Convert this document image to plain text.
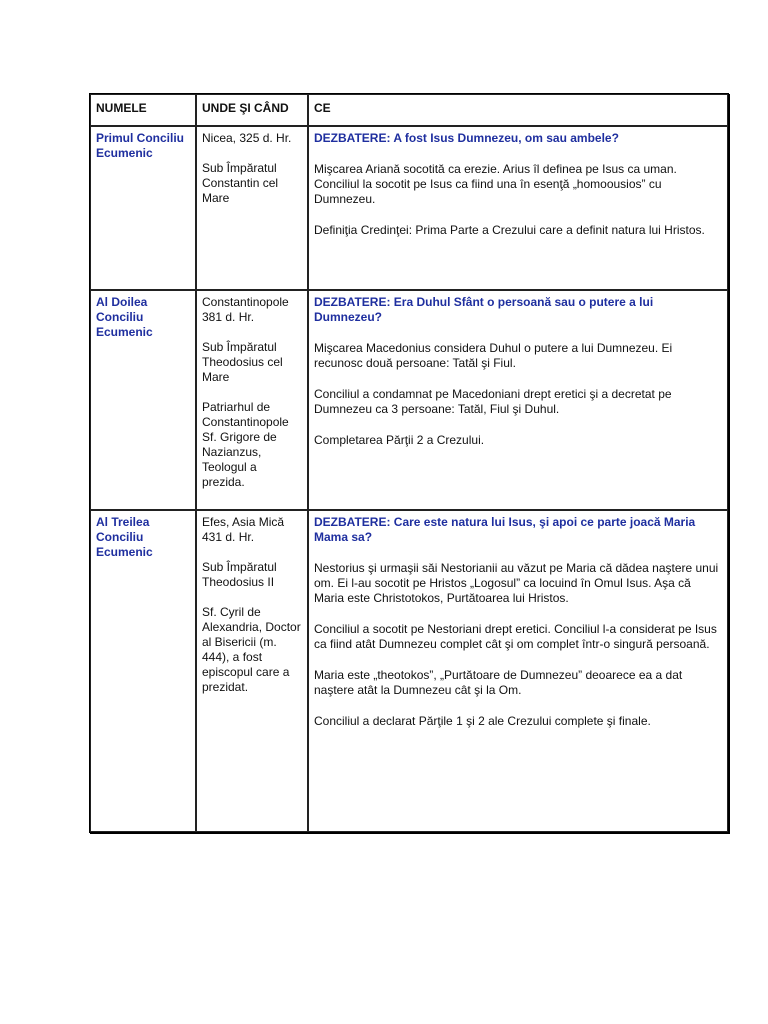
NUMELE	UNDE ŞI CÂND	CE
Primul Conciliu Ecumenic
Nicea, 325 d. Hr.
Sub Împăratul Constantin cel Mare
DEZBATERE: A fost Isus Dumnezeu, om sau ambele?

Mişcarea Ariană socotită ca erezie. Arius îl definea pe Isus ca uman. Conciliul la socotit pe Isus ca fiind una în esenţă „homoousios” cu Dumnezeu.

Definiţia Credinţei: Prima Parte a Crezului care a definit natura lui Hristos.

Al Doilea Conciliu Ecumenic
Constantinopole 381 d. Hr.
Sub Împăratul Theodosius cel Mare
Patriarhul de Constantinopole Sf. Grigore de Nazianzus, Teologul a prezida.
DEZBATERE: Era Duhul Sfânt o persoană sau o putere a lui Dumnezeu?

Mişcarea Macedonius considera Duhul o putere a lui Dumnezeu. Ei recunosc două persoane: Tatăl şi Fiul.

Conciliul a condamnat pe Macedoniani drept eretici şi a decretat pe Dumnezeu ca 3 persoane: Tatăl, Fiul şi Duhul.

Completarea Părţii 2 a Crezului.

Al Treilea Conciliu Ecumenic
Efes, Asia Mică 431 d. Hr.
Sub Împăratul Theodosius II
Sf. Cyril de Alexandria, Doctor al Bisericii (m. 444), a fost episcopul care a prezidat.
DEZBATERE: Care este natura lui Isus, şi apoi ce parte joacă Maria Mama sa?

Nestorius şi urmaşii săi Nestorianii au văzut pe Maria că dădea naştere unui om. Ei l-au socotit pe Hristos „Logosul” ca locuind în Omul Isus. Aşa că Maria este Christotokos, Purtătoarea lui Hristos.

Conciliul a socotit pe Nestoriani drept eretici. Conciliul l-a considerat pe Isus ca fiind atât Dumnezeu complet cât şi om complet într-o singură persoană.

Maria este „theotokos”, „Purtătoare de Dumnezeu” deoarece ea a dat naştere atât la Dumnezeu cât şi la Om.

Conciliul a declarat Părţile 1 şi 2 ale Crezului complete şi finale.
